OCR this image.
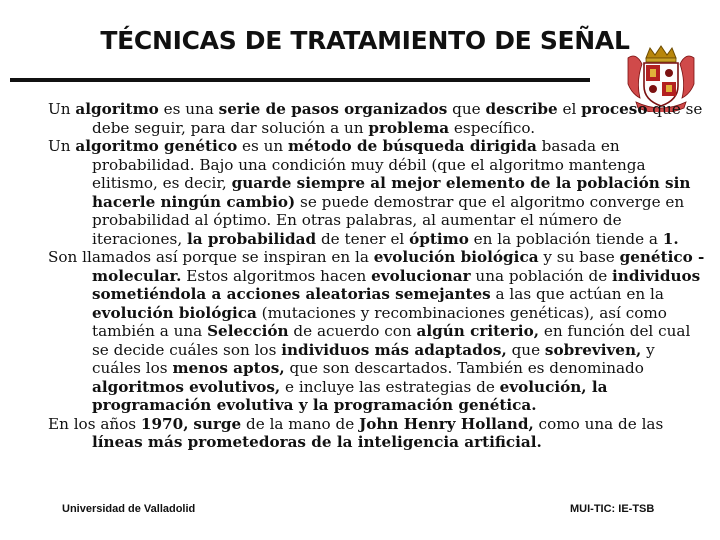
TÉCNICAS DE TRATAMIENTO DE SEÑAL

Un algoritmo es una serie de pasos organizados que describe el proceso que se debe seguir, para dar solución a un problema específico.

Un algoritmo genético es un método de búsqueda dirigida basada en probabilidad. Bajo una condición muy débil (que el algoritmo mantenga elitismo, es decir, guarde siempre al mejor elemento de la población sin hacerle ningún cambio) se puede demostrar que el algoritmo converge en probabilidad al óptimo. En otras palabras, al aumentar el número de iteraciones, la probabilidad de tener el óptimo en la población tiende a 1.

Son llamados así porque se inspiran en la evolución biológica y su base genético -molecular. Estos algoritmos hacen evolucionar una población de individuos sometiéndola a acciones aleatorias semejantes a las que actúan en la evolución biológica (mutaciones y recombinaciones genéticas), así como también a una Selección de acuerdo con algún criterio, en función del cual se decide cuáles son los individuos más adaptados, que sobreviven, y cuáles los menos aptos, que son descartados. También es denominado algoritmos evolutivos, e incluye las estrategias de evolución, la programación evolutiva y la programación genética.

En los años 1970, surge de la mano de John Henry Holland, como una de las líneas más prometedoras de la inteligencia artificial.

Universidad de Valladolid	MUI-TIC: IE-TSB
